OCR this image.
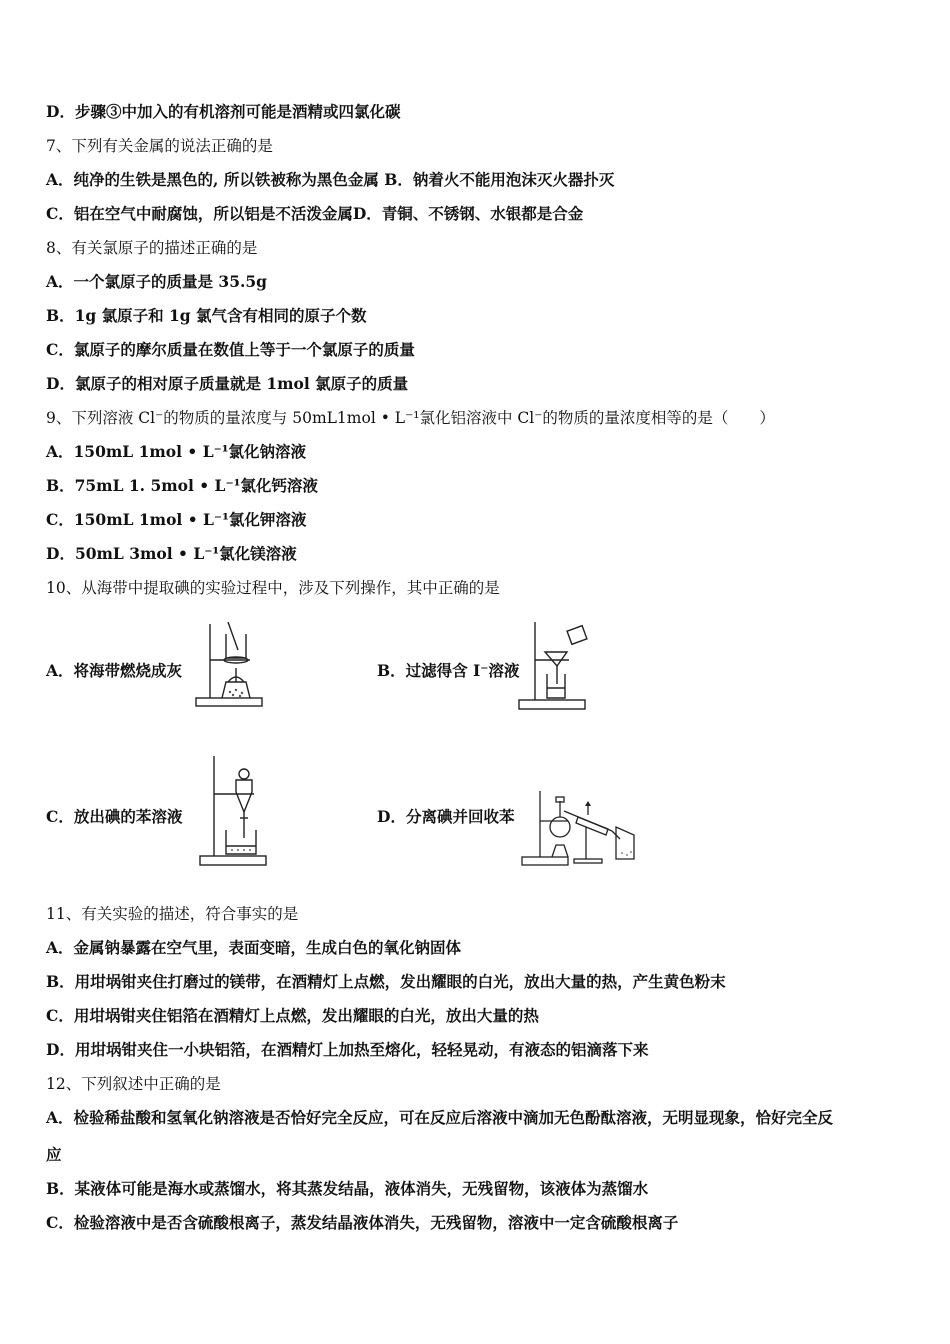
D．步骤③中加入的有机溶剂可能是酒精或四氯化碳
7、下列有关金属的说法正确的是
A．纯净的生铁是黑色的, 所以铁被称为黑色金属 B．钠着火不能用泡沫灭火器扑灭
C．铝在空气中耐腐蚀，所以铝是不活泼金属D．青铜、不锈钢、水银都是合金
8、有关氯原子的描述正确的是
A．一个氯原子的质量是 35.5g
B．1g 氯原子和 1g 氯气含有相同的原子个数
C．氯原子的摩尔质量在数值上等于一个氯原子的质量
D．氯原子的相对原子质量就是 1mol 氯原子的质量
9、下列溶液 Cl⁻的物质的量浓度与 50mL1mol • L⁻¹氯化铝溶液中 Cl⁻的物质的量浓度相等的是（　　）
A．150mL 1mol • L⁻¹氯化钠溶液
B．75mL 1. 5mol • L⁻¹氯化钙溶液
C．150mL 1mol • L⁻¹氯化钾溶液
D．50mL 3mol • L⁻¹氯化镁溶液
10、从海带中提取碘的实验过程中，涉及下列操作，其中正确的是
A．将海带燃烧成灰	B．过滤得含 I⁻溶液
C．放出碘的苯溶液	D．分离碘并回收苯
11、有关实验的描述，符合事实的是
A．金属钠暴露在空气里，表面变暗，生成白色的氧化钠固体
B．用坩埚钳夹住打磨过的镁带，在酒精灯上点燃，发出耀眼的白光，放出大量的热，产生黄色粉末
C．用坩埚钳夹住铝箔在酒精灯上点燃，发出耀眼的白光，放出大量的热
D．用坩埚钳夹住一小块铝箔，在酒精灯上加热至熔化，轻轻晃动，有液态的铝滴落下来
12、下列叙述中正确的是
A．检验稀盐酸和氢氧化钠溶液是否恰好完全反应，可在反应后溶液中滴加无色酚酞溶液，无明显现象，恰好完全反
应
B．某液体可能是海水或蒸馏水，将其蒸发结晶，液体消失，无残留物，该液体为蒸馏水
C．检验溶液中是否含硫酸根离子，蒸发结晶液体消失，无残留物，溶液中一定含硫酸根离子
